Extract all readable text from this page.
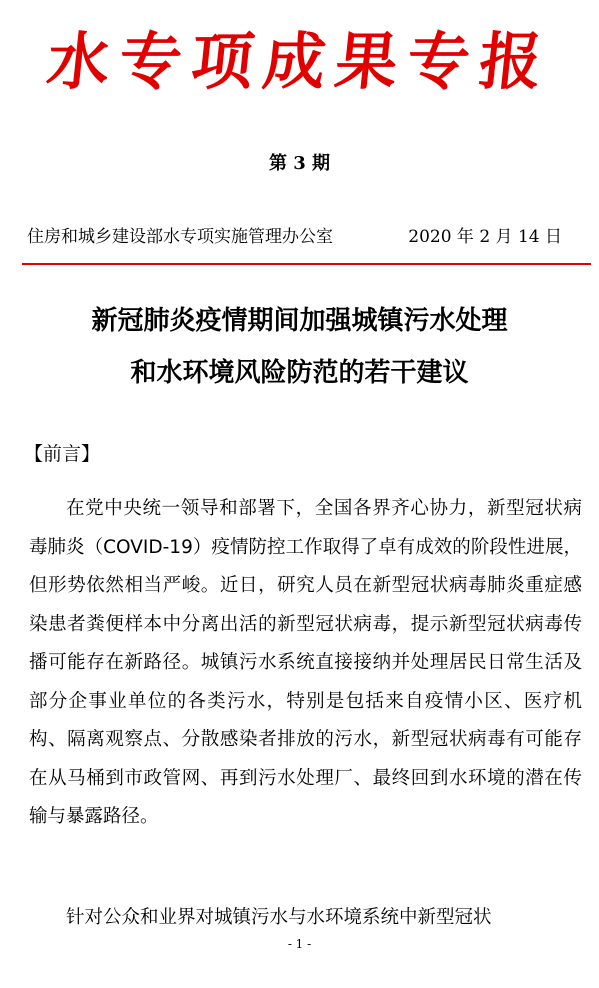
水专项成果专报
第 3 期
住房和城乡建设部水专项实施管理办公室	2020 年 2 月 14 日
新冠肺炎疫情期间加强城镇污水处理
和水环境风险防范的若干建议
【前言】

在党中央统一领导和部署下，全国各界齐心协力，新型冠状病毒肺炎（COVID-19）疫情防控工作取得了卓有成效的阶段性进展，但形势依然相当严峻。近日，研究人员在新型冠状病毒肺炎重症感染患者粪便样本中分离出活的新型冠状病毒，提示新型冠状病毒传播可能存在新路径。城镇污水系统直接接纳并处理居民日常生活及部分企事业单位的各类污水，特别是包括来自疫情小区、医疗机构、隔离观察点、分散感染者排放的污水，新型冠状病毒有可能存在从马桶到市政管网、再到污水处理厂、最终回到水环境的潜在传输与暴露路径。

针对公众和业界对城镇污水与水环境系统中新型冠状

- 1 -
